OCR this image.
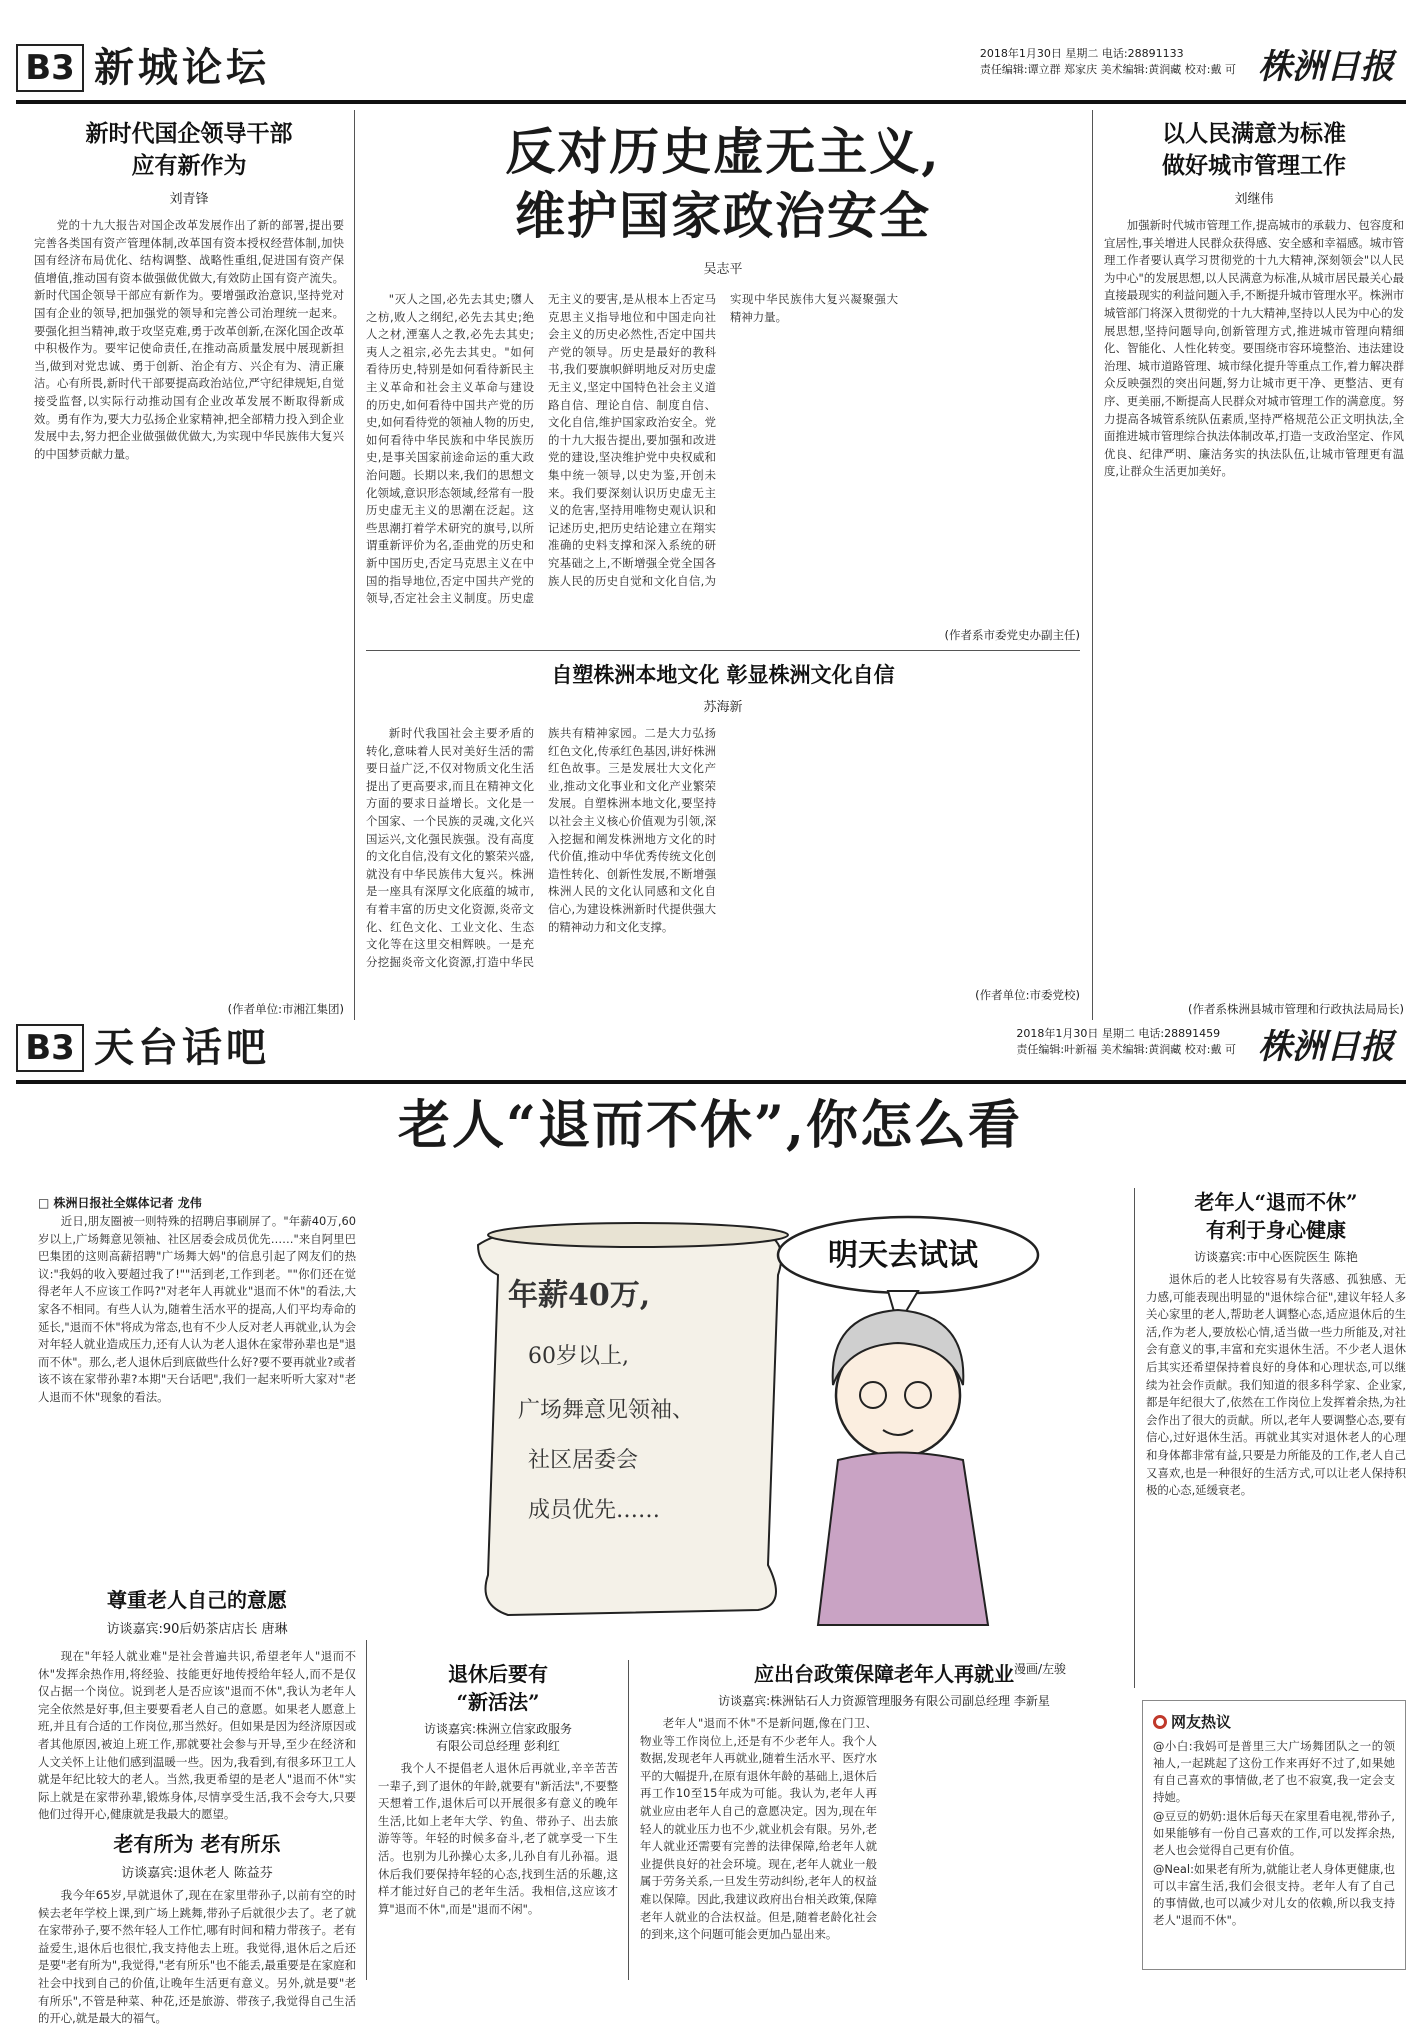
B3 新城论坛	2018年1月30日 星期二 电话:28891133
责任编辑:谭立群 郑家庆 美术编辑:黄润藏 校对:戴 可 株洲日报
新时代国企领导干部
应有新作为
刘青锋
党的十九大报告对国企改革发展作出了新的部署,提出要完善各类国有资产管理体制,改革国有资本授权经营体制,加快国有经济布局优化、结构调整、战略性重组,促进国有资产保值增值,推动国有资本做强做优做大,有效防止国有资产流失。新时代国企领导干部应有新作为。要增强政治意识,坚持党对国有企业的领导,把加强党的领导和完善公司治理统一起来。要强化担当精神,敢于攻坚克难,勇于改革创新,在深化国企改革中积极作为。要牢记使命责任,在推动高质量发展中展现新担当,做到对党忠诚、勇于创新、治企有方、兴企有为、清正廉洁。心有所畏,新时代干部要提高政治站位,严守纪律规矩,自觉接受监督,以实际行动推动国有企业改革发展不断取得新成效。勇有作为,要大力弘扬企业家精神,把全部精力投入到企业发展中去,努力把企业做强做优做大,为实现中华民族伟大复兴的中国梦贡献力量。
(作者单位:市湘江集团)
反对历史虚无主义,
维护国家政治安全
吴志平
"灭人之国,必先去其史;隳人之枋,败人之纲纪,必先去其史;绝人之材,湮塞人之教,必先去其史;夷人之祖宗,必先去其史。"如何看待历史,特别是如何看待新民主主义革命和社会主义革命与建设的历史,如何看待中国共产党的历史,如何看待党的领袖人物的历史,如何看待中华民族和中华民族历史,是事关国家前途命运的重大政治问题。长期以来,我们的思想文化领域,意识形态领域,经常有一股历史虚无主义的思潮在泛起。这些思潮打着学术研究的旗号,以所谓重新评价为名,歪曲党的历史和新中国历史,否定马克思主义在中国的指导地位,否定中国共产党的领导,否定社会主义制度。历史虚无主义的要害,是从根本上否定马克思主义指导地位和中国走向社会主义的历史必然性,否定中国共产党的领导。历史是最好的教科书,我们要旗帜鲜明地反对历史虚无主义,坚定中国特色社会主义道路自信、理论自信、制度自信、文化自信,维护国家政治安全。党的十九大报告提出,要加强和改进党的建设,坚决维护党中央权威和集中统一领导,以史为鉴,开创未来。我们要深刻认识历史虚无主义的危害,坚持用唯物史观认识和记述历史,把历史结论建立在翔实准确的史料支撑和深入系统的研究基础之上,不断增强全党全国各族人民的历史自觉和文化自信,为实现中华民族伟大复兴凝聚强大精神力量。
(作者系市委党史办副主任)
自塑株洲本地文化 彰显株洲文化自信
苏海新
新时代我国社会主要矛盾的转化,意味着人民对美好生活的需要日益广泛,不仅对物质文化生活提出了更高要求,而且在精神文化方面的要求日益增长。文化是一个国家、一个民族的灵魂,文化兴国运兴,文化强民族强。没有高度的文化自信,没有文化的繁荣兴盛,就没有中华民族伟大复兴。株洲是一座具有深厚文化底蕴的城市,有着丰富的历史文化资源,炎帝文化、红色文化、工业文化、生态文化等在这里交相辉映。一是充分挖掘炎帝文化资源,打造中华民族共有精神家园。二是大力弘扬红色文化,传承红色基因,讲好株洲红色故事。三是发展壮大文化产业,推动文化事业和文化产业繁荣发展。自塑株洲本地文化,要坚持以社会主义核心价值观为引领,深入挖掘和阐发株洲地方文化的时代价值,推动中华优秀传统文化创造性转化、创新性发展,不断增强株洲人民的文化认同感和文化自信心,为建设株洲新时代提供强大的精神动力和文化支撑。
(作者单位:市委党校)
以人民满意为标准
做好城市管理工作
刘继伟
加强新时代城市管理工作,提高城市的承载力、包容度和宜居性,事关增进人民群众获得感、安全感和幸福感。城市管理工作者要认真学习贯彻党的十九大精神,深刻领会"以人民为中心"的发展思想,以人民满意为标准,从城市居民最关心最直接最现实的利益问题入手,不断提升城市管理水平。株洲市城管部门将深入贯彻党的十九大精神,坚持以人民为中心的发展思想,坚持问题导向,创新管理方式,推进城市管理向精细化、智能化、人性化转变。要围绕市容环境整治、违法建设治理、城市道路管理、城市绿化提升等重点工作,着力解决群众反映强烈的突出问题,努力让城市更干净、更整洁、更有序、更美丽,不断提高人民群众对城市管理工作的满意度。努力提高各城管系统队伍素质,坚持严格规范公正文明执法,全面推进城市管理综合执法体制改革,打造一支政治坚定、作风优良、纪律严明、廉洁务实的执法队伍,让城市管理更有温度,让群众生活更加美好。
(作者系株洲县城市管理和行政执法局局长)
B3 天台话吧	2018年1月30日 星期二 电话:28891459
责任编辑:叶新福 美术编辑:黄润藏 校对:戴 可 株洲日报
老人“退而不休”,你怎么看
□ 株洲日报社全媒体记者 龙伟
近日,朋友圈被一则特殊的招聘启事刷屏了。"年薪40万,60岁以上,广场舞意见领袖、社区居委会成员优先……"来自阿里巴巴集团的这则高薪招聘"广场舞大妈"的信息引起了网友们的热议:"我妈的收入要超过我了!""活到老,工作到老。""你们还在觉得老年人不应该工作吗?"对老年人再就业"退而不休"的看法,大家各不相同。有些人认为,随着生活水平的提高,人们平均寿命的延长,"退而不休"将成为常态,也有不少人反对老人再就业,认为会对年轻人就业造成压力,还有人认为老人退休在家带孙辈也是"退而不休"。那么,老人退休后到底做些什么好?要不要再就业?或者该不该在家带孙辈?本期"天台话吧",我们一起来听听大家对"老人退而不休"现象的看法。
年薪40万,
60岁以上,
广场舞意见领袖、
社区居委会
成员优先……
明天去试试
漫画/左骏
尊重老人自己的意愿
访谈嘉宾:90后奶茶店店长 唐琳
现在"年轻人就业难"是社会普遍共识,希望老年人"退而不休"发挥余热作用,将经验、技能更好地传授给年轻人,而不是仅仅占据一个岗位。说到老人是否应该"退而不休",我认为老年人完全依然是好事,但主要要看老人自己的意愿。如果老人愿意上班,并且有合适的工作岗位,那当然好。但如果是因为经济原因或者其他原因,被迫上班工作,那就要社会参与开导,至少在经济和人文关怀上让他们感到温暖一些。因为,我看到,有很多环卫工人就是年纪比较大的老人。当然,我更希望的是老人"退而不休"实际上就是在家带孙辈,锻炼身体,尽情享受生活,我不会夸大,只要他们过得开心,健康就是我最大的愿望。
老有所为 老有所乐
访谈嘉宾:退休老人 陈益芬
我今年65岁,早就退休了,现在在家里带孙子,以前有空的时候去老年学校上课,到广场上跳舞,带孙子后就很少去了。老了就在家带孙子,要不然年轻人工作忙,哪有时间和精力带孩子。老有益爱生,退休后也很忙,我支持他去上班。我觉得,退休后之后还是要"老有所为",我觉得,"老有所乐"也不能丢,最重要是在家庭和社会中找到自己的价值,让晚年生活更有意义。另外,就是要"老有所乐",不管是种菜、种花,还是旅游、带孩子,我觉得自己生活的开心,就是最大的福气。
退休后要有
“新活法”
访谈嘉宾:株洲立信家政服务
有限公司总经理 彭利红
我个人不提倡老人退休后再就业,辛辛苦苦一辈子,到了退休的年龄,就要有"新活法",不要整天想着工作,退休后可以开展很多有意义的晚年生活,比如上老年大学、钓鱼、带孙子、出去旅游等等。年轻的时候多奋斗,老了就享受一下生活。也别为儿孙操心太多,儿孙自有儿孙福。退休后我们要保持年轻的心态,找到生活的乐趣,这样才能过好自己的老年生活。我相信,这应该才算"退而不休",而是"退而不闲"。
应出台政策保障老年人再就业
访谈嘉宾:株洲钻石人力资源管理服务有限公司副总经理 李新星
老年人"退而不休"不是新问题,像在门卫、物业等工作岗位上,还是有不少老年人。我个人数据,发现老年人再就业,随着生活水平、医疗水平的大幅提升,在原有退休年龄的基础上,退休后再工作10至15年成为可能。我认为,老年人再就业应由老年人自己的意愿决定。因为,现在年轻人的就业压力也不少,就业机会有限。另外,老年人就业还需要有完善的法律保障,给老年人就业提供良好的社会环境。现在,老年人就业一般属于劳务关系,一旦发生劳动纠纷,老年人的权益难以保障。因此,我建议政府出台相关政策,保障老年人就业的合法权益。但是,随着老龄化社会的到来,这个问题可能会更加凸显出来。
老年人“退而不休”
有利于身心健康
访谈嘉宾:市中心医院医生 陈艳
退休后的老人比较容易有失落感、孤独感、无力感,可能表现出明显的"退休综合征",建议年轻人多关心家里的老人,帮助老人调整心态,适应退休后的生活,作为老人,要放松心情,适当做一些力所能及,对社会有意义的事,丰富和充实退休生活。不少老人退休后其实还希望保持着良好的身体和心理状态,可以继续为社会作贡献。我们知道的很多科学家、企业家,都是年纪很大了,依然在工作岗位上发挥着余热,为社会作出了很大的贡献。所以,老年人要调整心态,要有信心,过好退休生活。再就业其实对退休老人的心理和身体都非常有益,只要是力所能及的工作,老人自己又喜欢,也是一种很好的生活方式,可以让老人保持积极的心态,延缓衰老。
网友热议
@小白:我妈可是普里三大广场舞团队之一的领袖人,一起跳起了这份工作来再好不过了,如果她有自己喜欢的事情做,老了也不寂寞,我一定会支持她。
@豆豆的奶奶:退休后每天在家里看电视,带孙子,如果能够有一份自己喜欢的工作,可以发挥余热,老人也会觉得自己更有价值。
@Neal:如果老有所为,就能让老人身体更健康,也可以丰富生活,我们会很支持。老年人有了自己的事情做,也可以减少对儿女的依赖,所以我支持老人"退而不休"。
